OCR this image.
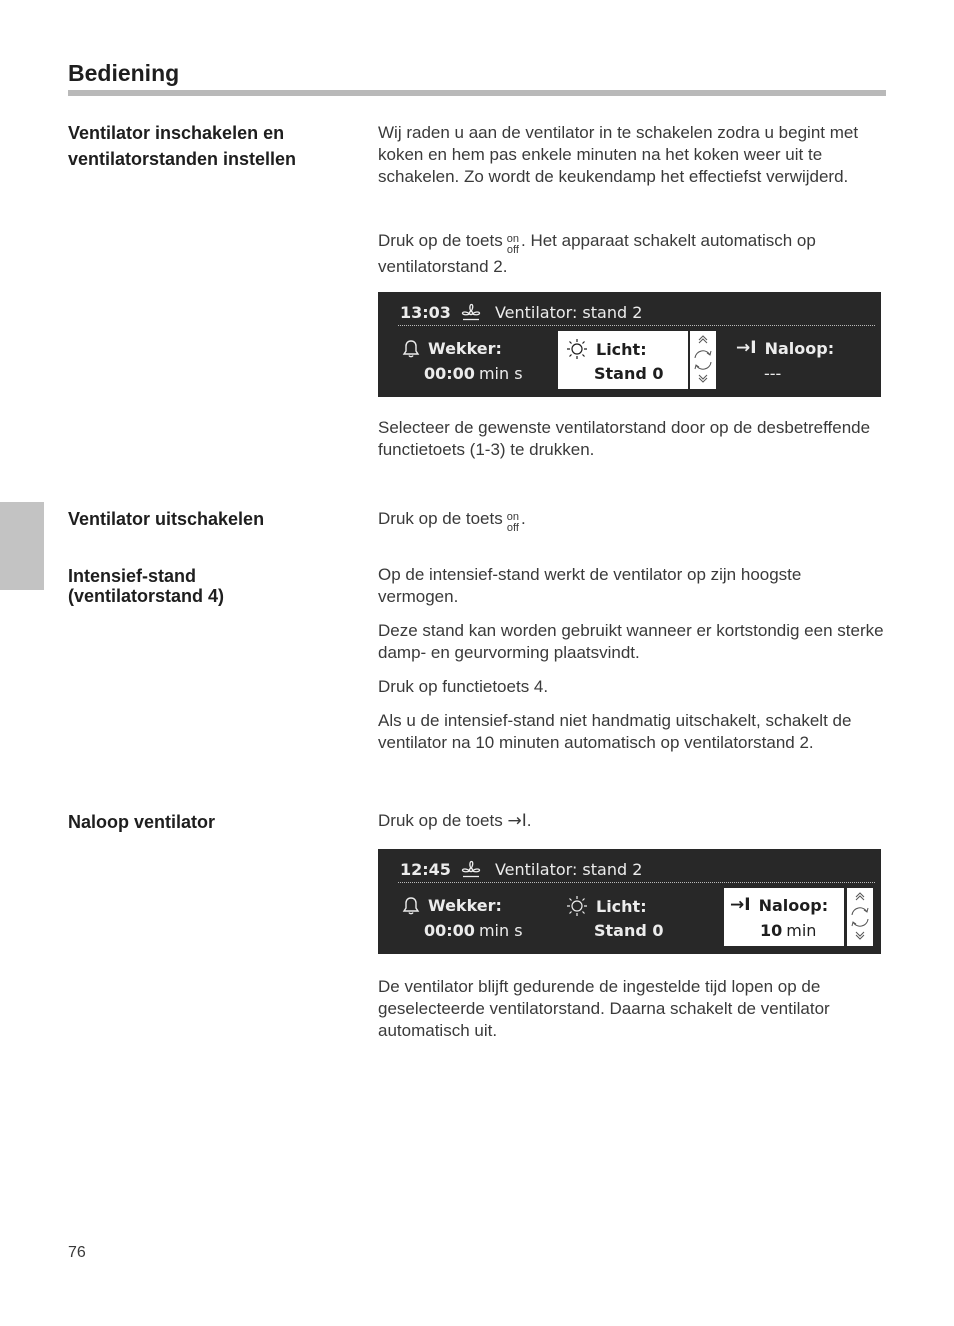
Bediening
Ventilator inschakelen en
ventilatorstanden instellen
Wij raden u aan de ventilator in te schakelen zodra u begint met koken en hem pas enkele minuten na het koken weer uit te schakelen. Zo wordt de keukendamp het effectiefst verwijderd.
Druk op de toets on
off . Het apparaat schakelt automatisch op ventilatorstand 2.
13:03	Ventilator: stand 2
Wekker:
00:00 min s
Licht:
Stand 0
→I Naloop:
---
Selecteer de gewenste ventilatorstand door op de desbetreffende functietoets (1-3) te drukken.
Ventilator uitschakelen	Druk op de toets on
off .
Intensief-stand
(ventilatorstand 4)
Op de intensief-stand werkt de ventilator op zijn hoogste vermogen.
Deze stand kan worden gebruikt wanneer er kortstondig een sterke damp- en geurvorming plaatsvindt.
Druk op functietoets 4.
Als u de intensief-stand niet handmatig uitschakelt, schakelt de ventilator na 10 minuten automatisch op ventilatorstand 2.
Naloop ventilator	Druk op de toets →I.
12:45	Ventilator: stand 2
Wekker:
00:00 min s
Licht:
Stand 0
→I Naloop:
10 min
De ventilator blijft gedurende de ingestelde tijd lopen op de geselecteerde ventilatorstand. Daarna schakelt de ventilator automatisch uit.
76
